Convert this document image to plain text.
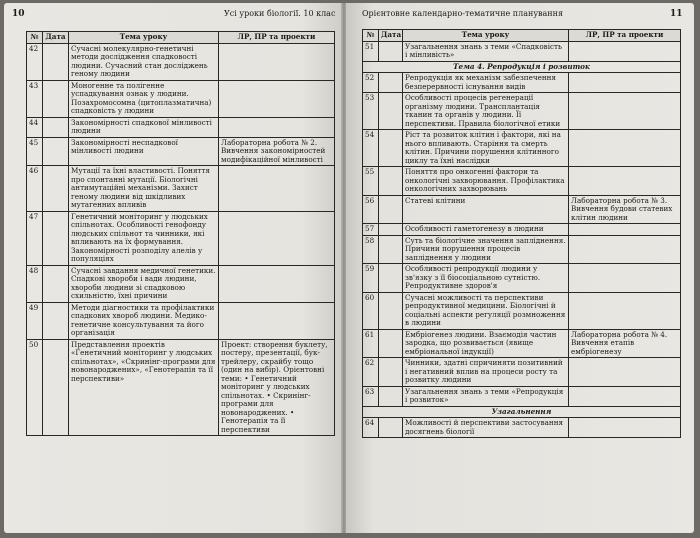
10	Усі уроки біології. 10 клас
№	Дата	Тема уроку	ЛР, ПР та проекти
42		Сучасні молекулярно-генетичні методи дослідження спадковості людини. Сучасний стан досліджень геному людини	
43		Моногенне та полігенне успадкування ознак у людини. Позахромосомна (цитоплазматична) спадковість у людини	
44		Закономірності спадкової мінливості людини	
45		Закономірності неспадкової мінливості людини	Лабораторна робота № 2. Вивчення закономірностей модифікаційної мінливості
46		Мутації та їхні властивості. Поняття про спонтанні мутації. Біологічні антимутаційні механізми. Захист геному людини від шкідливих мутагенних впливів	
47		Генетичний моніторинг у людських спільнотах. Особливості генофонду людських спільнот та чинники, які впливають на їх формування. Закономірності розподілу алелів у популяціях	
48		Сучасні завдання медичної генетики. Спадкові хвороби і вади людини, хвороби людини зі спадковою схильністю, їхні причини	
49		Методи діагностики та профілактики спадкових хвороб людини. Медико-генетичне консультування та його організація	
50		Представлення проектів «Генетичний моніторинг у людських спільнотах», «Скринінг-програми для новонароджених», «Генотерапія та її перспективи»	Проект: створення буклету, постеру, презентації, бук-трейлеру, скрайбу тощо (один на вибір). Орієнтовні теми: • Генетичний моніторинг у людських спільнотах. • Скринінг-програми для новонароджених. • Генотерапія та її перспективи
Орієнтовне календарно-тематичне планування	11
№	Дата	Тема уроку	ЛР, ПР та проекти
51		Узагальнення знань з теми «Спадковість і мінливість»	
Тема 4. Репродукція і розвиток			
52		Репродукція як механізм забезпечення безперервності існування видів	
53		Особливості процесів регенерації організму людини. Трансплантація тканин та органів у людини. Її перспективи. Правила біологічної етики	
54		Ріст та розвиток клітин і фактори, які на нього впливають. Старіння та смерть клітин. Причини порушення клітинного циклу та їхні наслідки	
55		Поняття про онкогенні фактори та онкологічні захворювання. Профілактика онкологічних захворювань	
56		Статеві клітини	Лабораторна робота № 3. Вивчення будови статевих клітин людини
57		Особливості гаметогенезу в людини	
58		Суть та біологічне значення запліднення. Причини порушення процесів запліднення у людини	
59		Особливості репродукції людини у зв'язку з її біосоціальною сутністю. Репродуктивне здоров'я	
60		Сучасні можливості та перспективи репродуктивної медицини. Біологічні й соціальні аспекти регуляції розмноження в людини	
61		Ембріогенез людини. Взаємодія частин зародка, що розвивається (явище ембріональної індукції)	Лабораторна робота № 4. Вивчення етапів ембріогенезу
62		Чинники, здатні спричиняти позитивний і негативний вплив на процеси росту та розвитку людини	
63		Узагальнення знань з теми «Репродукція і розвиток»	
Узагальнення			
64		Можливості й перспективи застосування досягнень біології	
